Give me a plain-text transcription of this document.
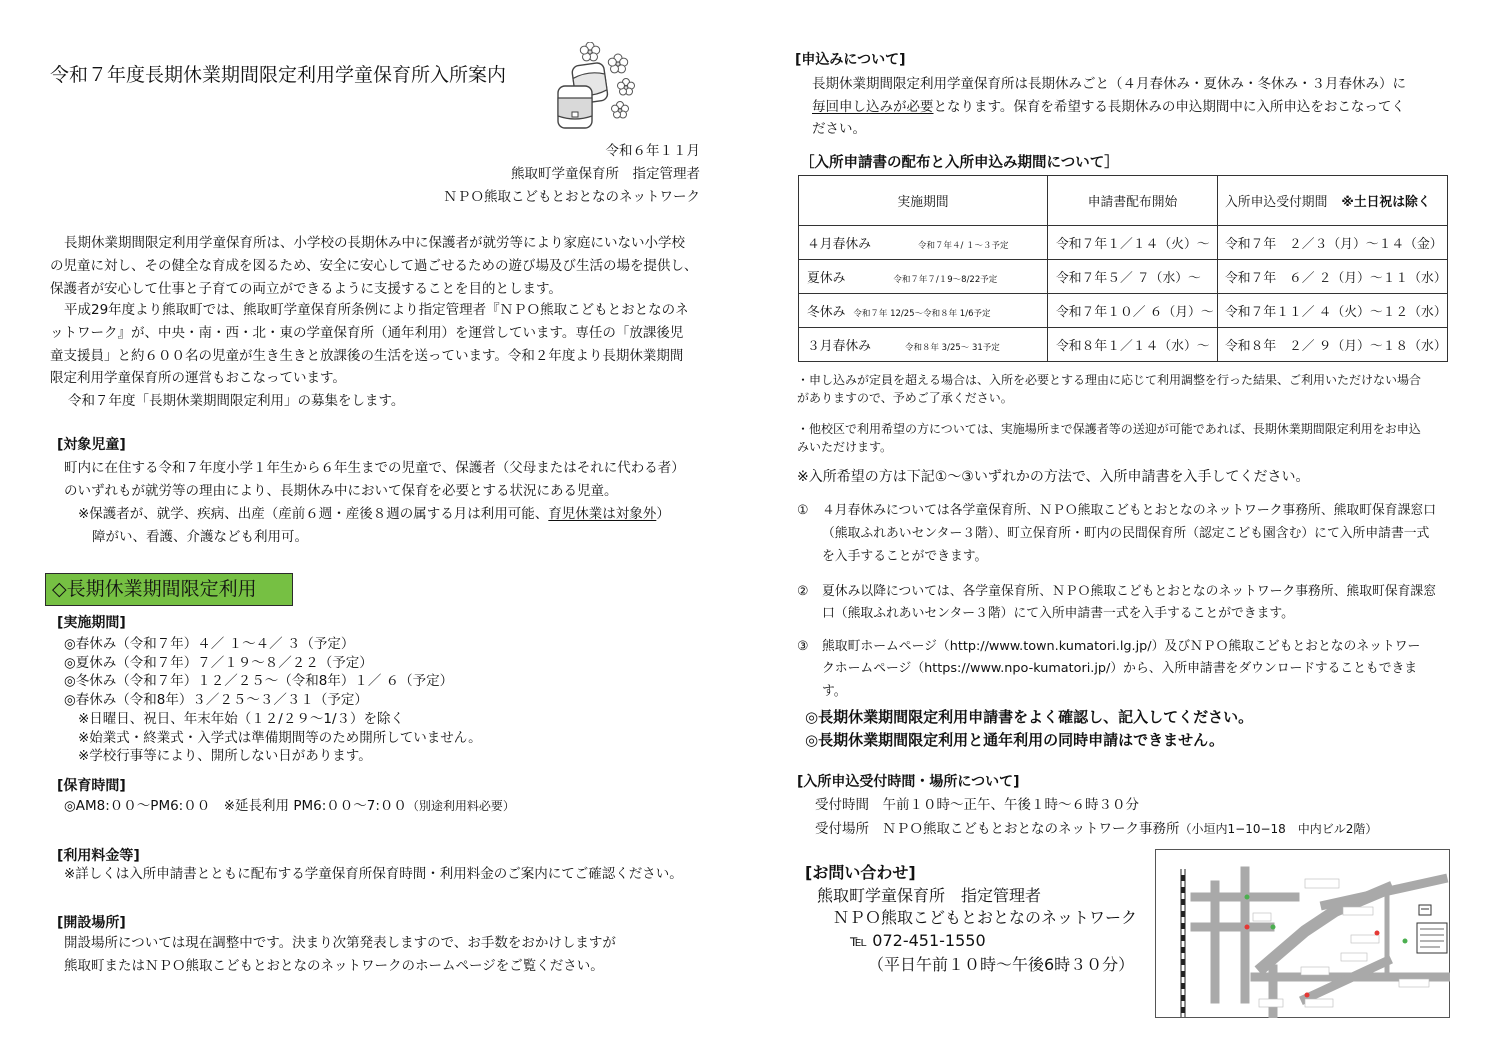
令和７年度長期休業期間限定利用学童保育所入所案内
令和６年１１月
熊取町学童保育所　指定管理者
ＮＰＯ熊取こどもとおとなのネットワーク
長期休業期間限定利用学童保育所は、小学校の長期休み中に保護者が就労等により家庭にいない小学校
の児童に対し、その健全な育成を図るため、安全に安心して過ごせるための遊び場及び生活の場を提供し、
保護者が安心して仕事と子育ての両立ができるように支援することを目的とします。
平成29年度より熊取町では、熊取町学童保育所条例により指定管理者『ＮＰＯ熊取こどもとおとなのネ
ットワーク』が、中央・南・西・北・東の学童保育所（通年利用）を運営しています。専任の「放課後児
童支援員」と約６００名の児童が生き生きと放課後の生活を送っています。令和２年度より長期休業期間
限定利用学童保育所の運営もおこなっています。
令和７年度「長期休業期間限定利用」の募集をします。
[対象児童]
町内に在住する令和７年度小学１年生から６年生までの児童で、保護者（父母またはそれに代わる者）
のいずれもが就労等の理由により、長期休み中において保育を必要とする状況にある児童。
※保護者が、就学、疾病、出産（産前６週・産後８週の属する月は利用可能、育児休業は対象外）
障がい、看護、介護なども利用可。
◇長期休業期間限定利用
[実施期間]
◎春休み（令和７年）４／ １～４／ ３（予定）
◎夏休み（令和７年）７／１９～８／２２（予定）
◎冬休み（令和７年）１２／２５～（令和8年）１／ ６（予定）
◎春休み（令和8年）３／２５～３／３１（予定）
※日曜日、祝日、年末年始（１２/２９～1/３）を除く
※始業式・終業式・入学式は準備期間等のため開所していません。
※学校行事等により、開所しない日があります。
[保育時間]
◎AM8:００～PM6:００　※延長利用 PM6:００～7:００（別途利用料必要）
[利用料金等]
※詳しくは入所申請書とともに配布する学童保育所保育時間・利用料金のご案内にてご確認ください。
[開設場所]
開設場所については現在調整中です。決まり次第発表しますので、お手数をおかけしますが
熊取町またはＮＰＯ熊取こどもとおとなのネットワークのホームページをご覧ください。
[申込みについて]
長期休業期間限定利用学童保育所は長期休みごと（４月春休み・夏休み・冬休み・３月春休み）に
毎回申し込みが必要となります。保育を希望する長期休みの申込期間中に入所申込をおこなってく
ださい。
［入所申請書の配布と入所申込み期間について］
実施期間	申請書配布開始	入所申込受付期間 ※土日祝は除く
４月春休み 令和７年４/ １～３予定	令和７年１／１４（火）～	令和７年　２／３（月）～１４（金）
夏休み 令和７年７/１9～8/22予定	令和７年５／ ７（水）～	令和７年　６／ ２（月）～１１（水）
冬休み 令和７年 12/25～令和８年 1/6予定	令和７年１０／ ６（月）～	令和７年１１／ ４（火）～１２（水）
３月春休み 令和８年 3/25～ 31予定	令和８年１／１４（水）～	令和８年　２／ ９（月）～１８（水）
・申し込みが定員を超える場合は、入所を必要とする理由に応じて利用調整を行った結果、ご利用いただけない場合
がありますので、予めご了承ください。
・他校区で利用希望の方については、実施場所まで保護者等の送迎が可能であれば、長期休業期間限定利用をお申込
みいただけます。
※入所希望の方は下記①～③いずれかの方法で、入所申請書を入手してください。
① ４月春休みについては各学童保育所、ＮＰＯ熊取こどもとおとなのネットワーク事務所、熊取町保育課窓口
（熊取ふれあいセンター３階）、町立保育所・町内の民間保育所（認定こども園含む）にて入所申請書一式
を入手することができます。
② 夏休み以降については、各学童保育所、ＮＰＯ熊取こどもとおとなのネットワーク事務所、熊取町保育課窓
口（熊取ふれあいセンター３階）にて入所申請書一式を入手することができます。
③ 熊取町ホームページ（http://www.town.kumatori.lg.jp/）及びＮＰＯ熊取こどもとおとなのネットワー
クホームページ（https://www.npo-kumatori.jp/）から、入所申請書をダウンロードすることもできま
す。
◎長期休業期間限定利用申請書をよく確認し、記入してください。
◎長期休業期間限定利用と通年利用の同時申請はできません。
[入所申込受付時間・場所について]
受付時間　午前１０時～正午、午後１時～６時３０分
受付場所　ＮＰＯ熊取こどもとおとなのネットワーク事務所（小垣内1−10−18　中内ビル2階）
[お問い合わせ]
熊取町学童保育所　指定管理者
ＮＰＯ熊取こどもとおとなのネットワーク
℡ 072-451-1550
（平日午前１０時～午後6時３０分）
